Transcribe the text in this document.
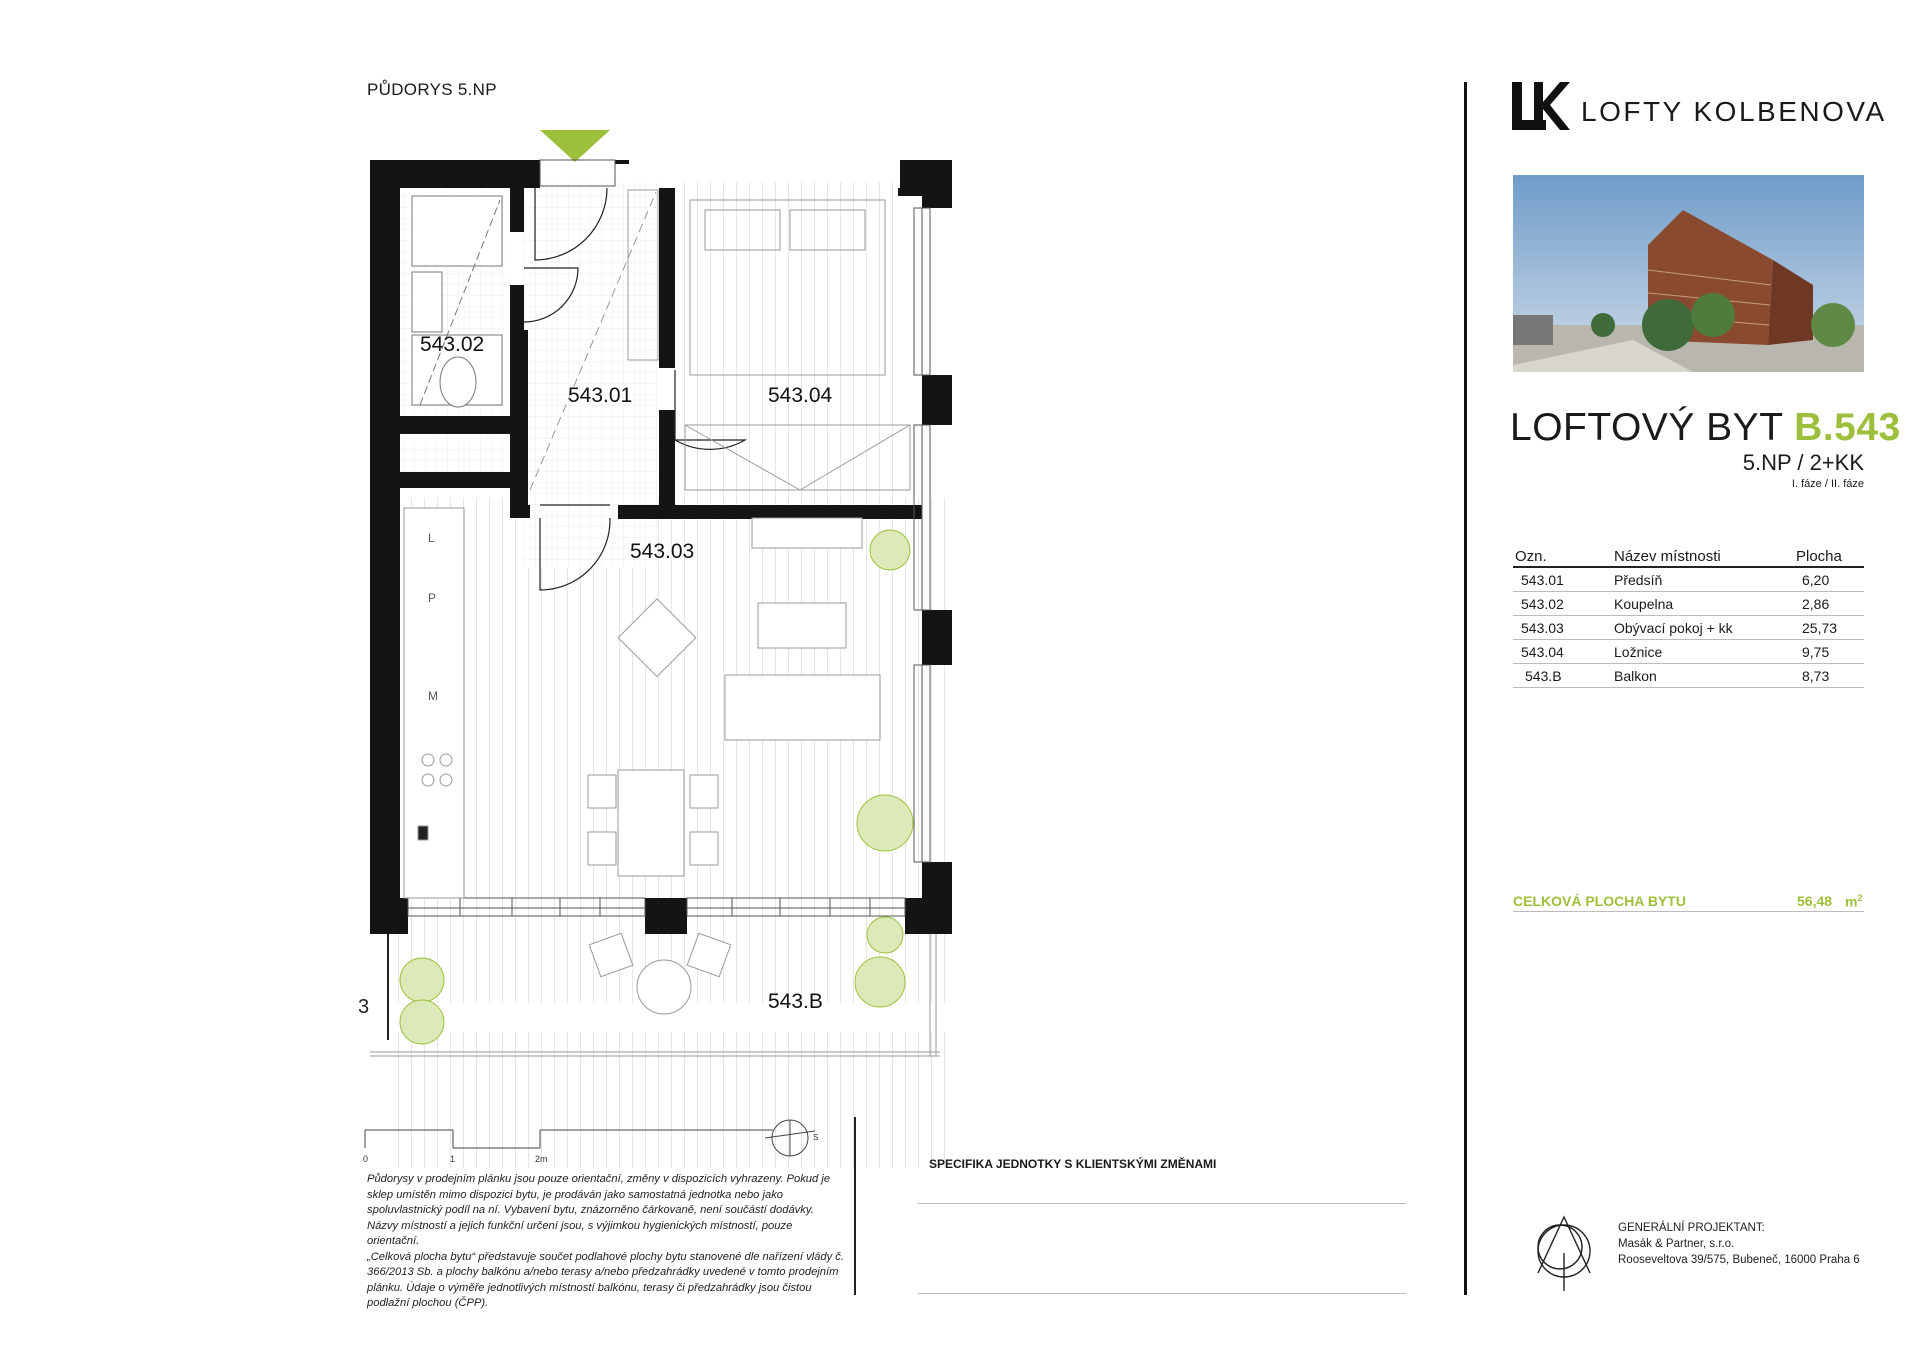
PŮDORYS 5.NP
L
P
M
3
543.02
543.01	543.04
543.03
543.B
LOFTY KOLBENOVA
LOFTOVÝ BYT B.543
5.NP / 2+KK
I. fáze / II. fáze
Ozn.	Název místnosti	Plocha
543.01	Předsíň	6,20
543.02	Koupelna	2,86
543.03	Obývací pokoj + kk	25,73
543.04	Ložnice	9,75
543.B	Balkon	8,73
CELKOVÁ PLOCHA BYTU	56,48 $m^2$
0	1	2m
S
Půdorysy v prodejním plánku jsou pouze orientační, změny v dispozicích vyhrazeny. Pokud je sklep umístěn mimo dispozici bytu, je prodáván jako samostatná jednotka nebo jako spoluvlastnický podíl na ní. Vybavení bytu, znázorněno čárkovaně, není součástí dodávky. Názvy místností a jejich funkční určení jsou, s výjimkou hygienických místností, pouze orientační.
„Celková plocha bytu“ představuje součet podlahové plochy bytu stanovené dle nařízení vlády č. 366/2013 Sb. a plochy balkónu a/nebo terasy a/nebo předzahrádky uvedené v tomto prodejním plánku. Údaje o výměře jednotlivých místností balkónu, terasy či předzahrádky jsou čistou podlažní plochou (ČPP).
SPECIFIKA JEDNOTKY S KLIENTSKÝMI ZMĚNAMI
GENERÁLNÍ PROJEKTANT:
Masák & Partner, s.r.o.
Rooseveltova 39/575, Bubeneč, 16000 Praha 6
